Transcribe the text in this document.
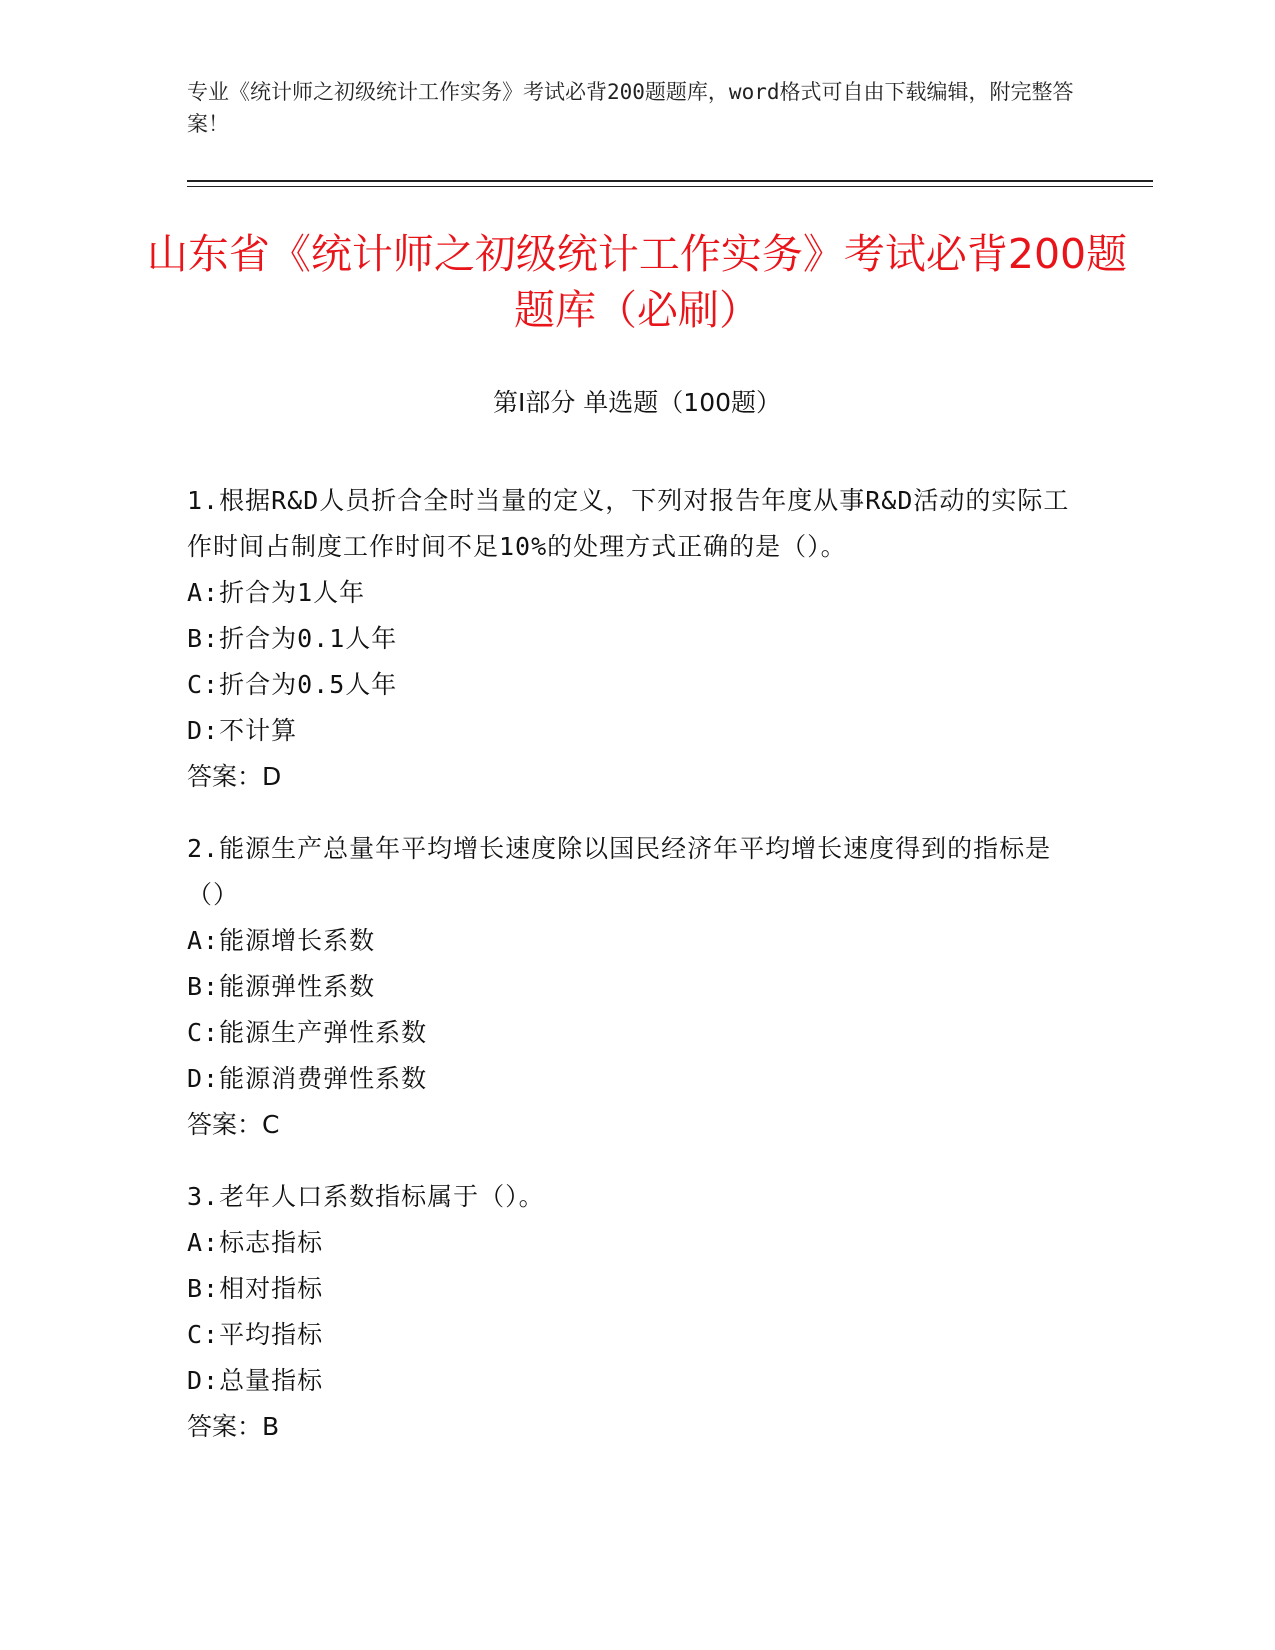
专业《统计师之初级统计工作实务》考试必背200题题库，word格式可自由下载编辑，附完整答案！
山东省《统计师之初级统计工作实务》考试必背200题题库（必刷）
第Ⅰ部分 单选题（100题）
1.根据R&D人员折合全时当量的定义，下列对报告年度从事R&D活动的实际工作时间占制度工作时间不足10%的处理方式正确的是（）。
A:折合为1人年
B:折合为0.1人年
C:折合为0.5人年
D:不计算
答案：D
2.能源生产总量年平均增长速度除以国民经济年平均增长速度得到的指标是（）
A:能源增长系数
B:能源弹性系数
C:能源生产弹性系数
D:能源消费弹性系数
答案：C
3.老年人口系数指标属于（）。
A:标志指标
B:相对指标
C:平均指标
D:总量指标
答案：B
